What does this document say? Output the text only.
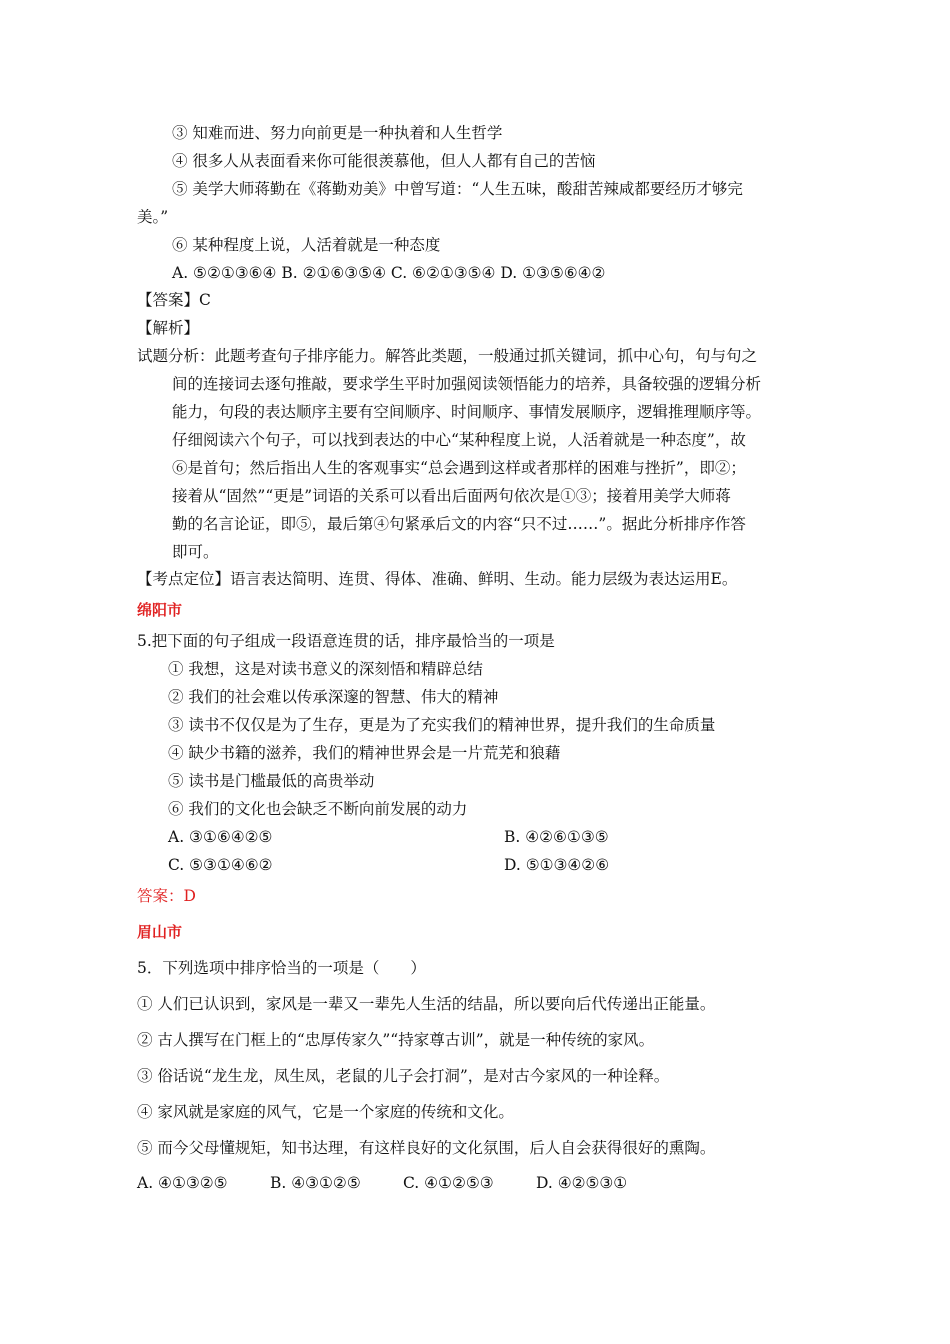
③ 知难而进、努力向前更是一种执着和人生哲学
④ 很多人从表面看来你可能很羡慕他，但人人都有自己的苦恼
⑤ 美学大师蒋勤在《蒋勤劝美》中曾写道：“人生五味，酸甜苦辣咸都要经历才够完
美。”
⑥ 某种程度上说，人活着就是一种态度
A. ⑤②①③⑥④ B. ②①⑥③⑤④ C. ⑥②①③⑤④ D. ①③⑤⑥④②
【答案】C
【解析】
试题分析：此题考查句子排序能力。解答此类题，一般通过抓关键词，抓中心句，句与句之
间的连接词去逐句推敲，要求学生平时加强阅读领悟能力的培养，具备较强的逻辑分析
能力，句段的表达顺序主要有空间顺序、时间顺序、事情发展顺序，逻辑推理顺序等。
仔细阅读六个句子，可以找到表达的中心“某种程度上说，人活着就是一种态度”，故
⑥是首句；然后指出人生的客观事实“总会遇到这样或者那样的困难与挫折”，即②；
接着从“固然”“更是”词语的关系可以看出后面两句依次是①③；接着用美学大师蒋
勤的名言论证，即⑤，最后第④句紧承后文的内容“只不过……”。据此分析排序作答
即可。
【考点定位】语言表达简明、连贯、得体、准确、鲜明、生动。能力层级为表达运用E。
绵阳市
5.把下面的句子组成一段语意连贯的话，排序最恰当的一项是
① 我想，这是对读书意义的深刻悟和精辟总结
② 我们的社会难以传承深邃的智慧、伟大的精神
③ 读书不仅仅是为了生存，更是为了充实我们的精神世界，提升我们的生命质量
④ 缺少书籍的滋养，我们的精神世界会是一片荒芜和狼藉
⑤ 读书是门槛最低的高贵举动
⑥ 我们的文化也会缺乏不断向前发展的动力
A. ③①⑥④②⑤	B. ④②⑥①③⑤
C. ⑤③①④⑥②	D. ⑤①③④②⑥
答案：D
眉山市
5．下列选项中排序恰当的一项是（　　）
① 人们已认识到，家风是一辈又一辈先人生活的结晶，所以要向后代传递出正能量。
② 古人撰写在门框上的“忠厚传家久”“持家尊古训”，就是一种传统的家风。
③ 俗话说“龙生龙，凤生凤，老鼠的儿子会打洞”，是对古今家风的一种诠释。
④ 家风就是家庭的风气，它是一个家庭的传统和文化。
⑤ 而今父母懂规矩，知书达理，有这样良好的文化氛围，后人自会获得很好的熏陶。
A. ④①③②⑤	B. ④③①②⑤	C. ④①②⑤③	D. ④②⑤③①
